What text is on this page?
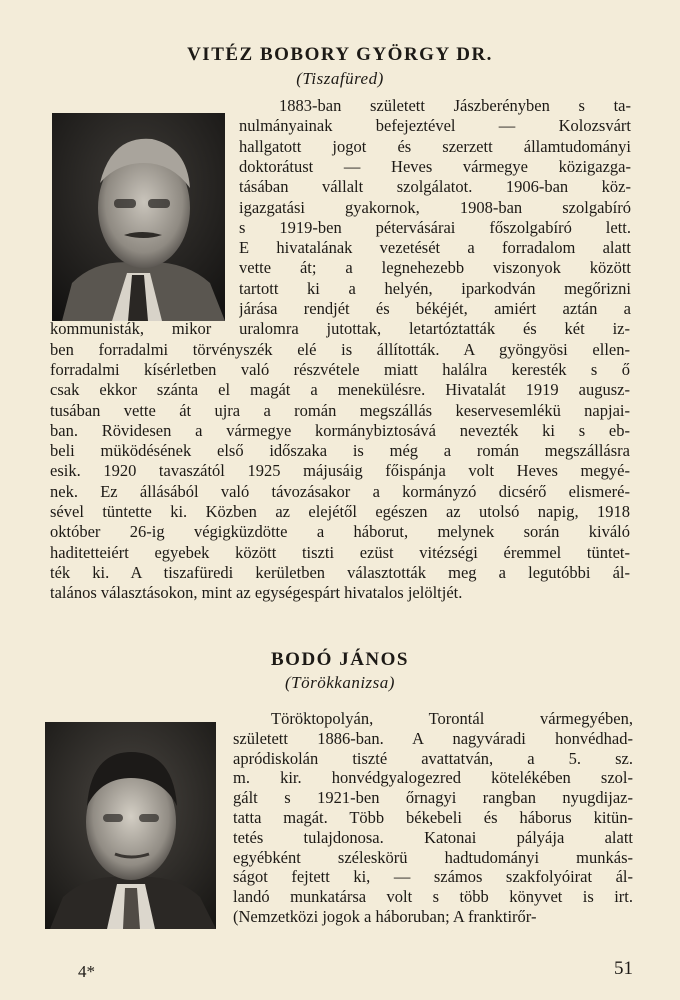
VITÉZ BOBORY GYÖRGY DR.
(Tiszafüred)
1883-ban született Jászberényben s ta-
nulmányainak befejeztével — Kolozsvárt
hallgatott jogot és szerzett államtudományi
doktorátust — Heves vármegye közigazga-
tásában vállalt szolgálatot. 1906-ban köz-
igazgatási gyakornok, 1908-ban szolgabíró
s 1919-ben pétervásárai főszolgabíró lett.
E hivatalának vezetését a forradalom alatt
vette át; a legnehezebb viszonyok között
tartott ki a helyén, iparkodván megőrizni
járása rendjét és békéjét, amiért aztán a
kommunisták, mikor uralomra jutottak, letartóztatták és két iz-
ben forradalmi törvényszék elé is állították. A gyöngyösi ellen-
forradalmi kísérletben való részvétele miatt halálra keresték s ő
csak ekkor szánta el magát a menekülésre. Hivatalát 1919 augusz-
tusában vette át ujra a román megszállás keservesemlékü napjai-
ban. Rövidesen a vármegye kormánybiztosává nevezték ki s eb-
beli müködésének első időszaka is még a román megszállásra
esik. 1920 tavaszától 1925 májusáig főispánja volt Heves megyé-
nek. Ez állásából való távozásakor a kormányzó dicsérő elismeré-
sével tüntette ki. Közben az elejétől egészen az utolsó napig, 1918
október 26-ig végigküzdötte a háborut, melynek során kiváló
haditetteiért egyebek között tiszti ezüst vitézségi éremmel tüntet-
ték ki. A tiszafüredi kerületben választották meg a legutóbbi ál-
talános választásokon, mint az egységespárt hivatalos jelöltjét.
BODÓ JÁNOS
(Törökkanizsa)
Töröktopolyán, Torontál vármegyében,
született 1886-ban. A nagyváradi honvédhad-
apródiskolán tiszté avattatván, a 5. sz.
m. kir. honvédgyalogezred kötelékében szol-
gált s 1921-ben őrnagyi rangban nyugdijaz-
tatta magát. Több békebeli és háborus kitün-
tetés tulajdonosa. Katonai pályája alatt
egyébként széleskörü hadtudományi munkás-
ságot fejtett ki, — számos szakfolyóirat ál-
landó munkatársa volt s több könyvet is irt.
(Nemzetközi jogok a háboruban; A franktirőr-
4*	51
